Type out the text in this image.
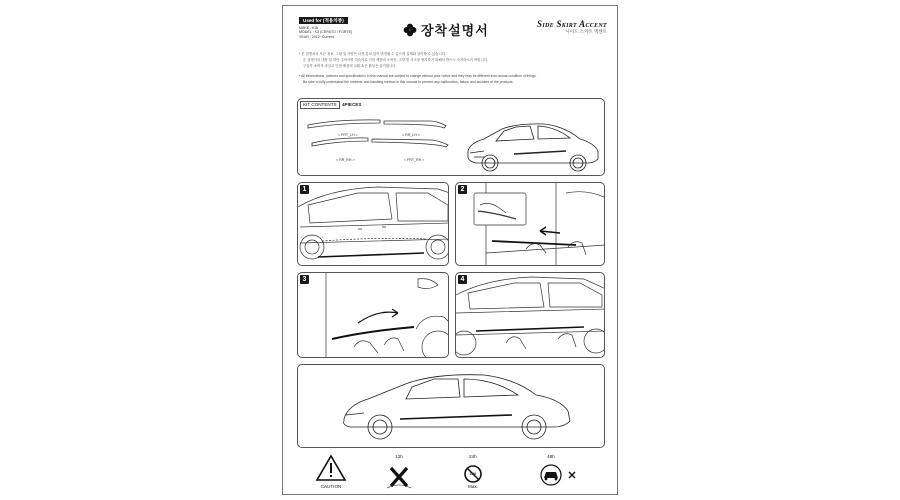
Used for (적용차종)
MAKE : KIA
MODEL : K3 (CERATO / FORTE)
YEAR : 2012~Current	장착설명서	Side Skirt Accent
사이드 스커트 액센트

* 본 설명서의 모든 정보, 그림 및 사양은 사전 통보 없이 변경될 수 있으며 실제와 상이할 수 있습니다.

본 설명서의 내용 및 하단 주의사항 미숙지로 인한 제품의 오작동, 고장 및 사고를 방지하기 위해서 반드시 숙지하시기 바랍니다.

구입후 소비자 과실로 인한 제품의 교환 혹은 환불은 불가합니다.

* All informations, pictures and specifications in this manual are subject to change without prior notice and they may be different from actual condition of things.

Be sure to fully understand the contents and handling method in this manual to prevent any malfunction, failure and accident of the products.

KIT CONTENTS	4PIECES
< FRT_LH >	< RR_LH >
< RR_RH >	< FRT_RH >
1	2
3	4
CAUTION
12h	24h
100
Max.
48h
